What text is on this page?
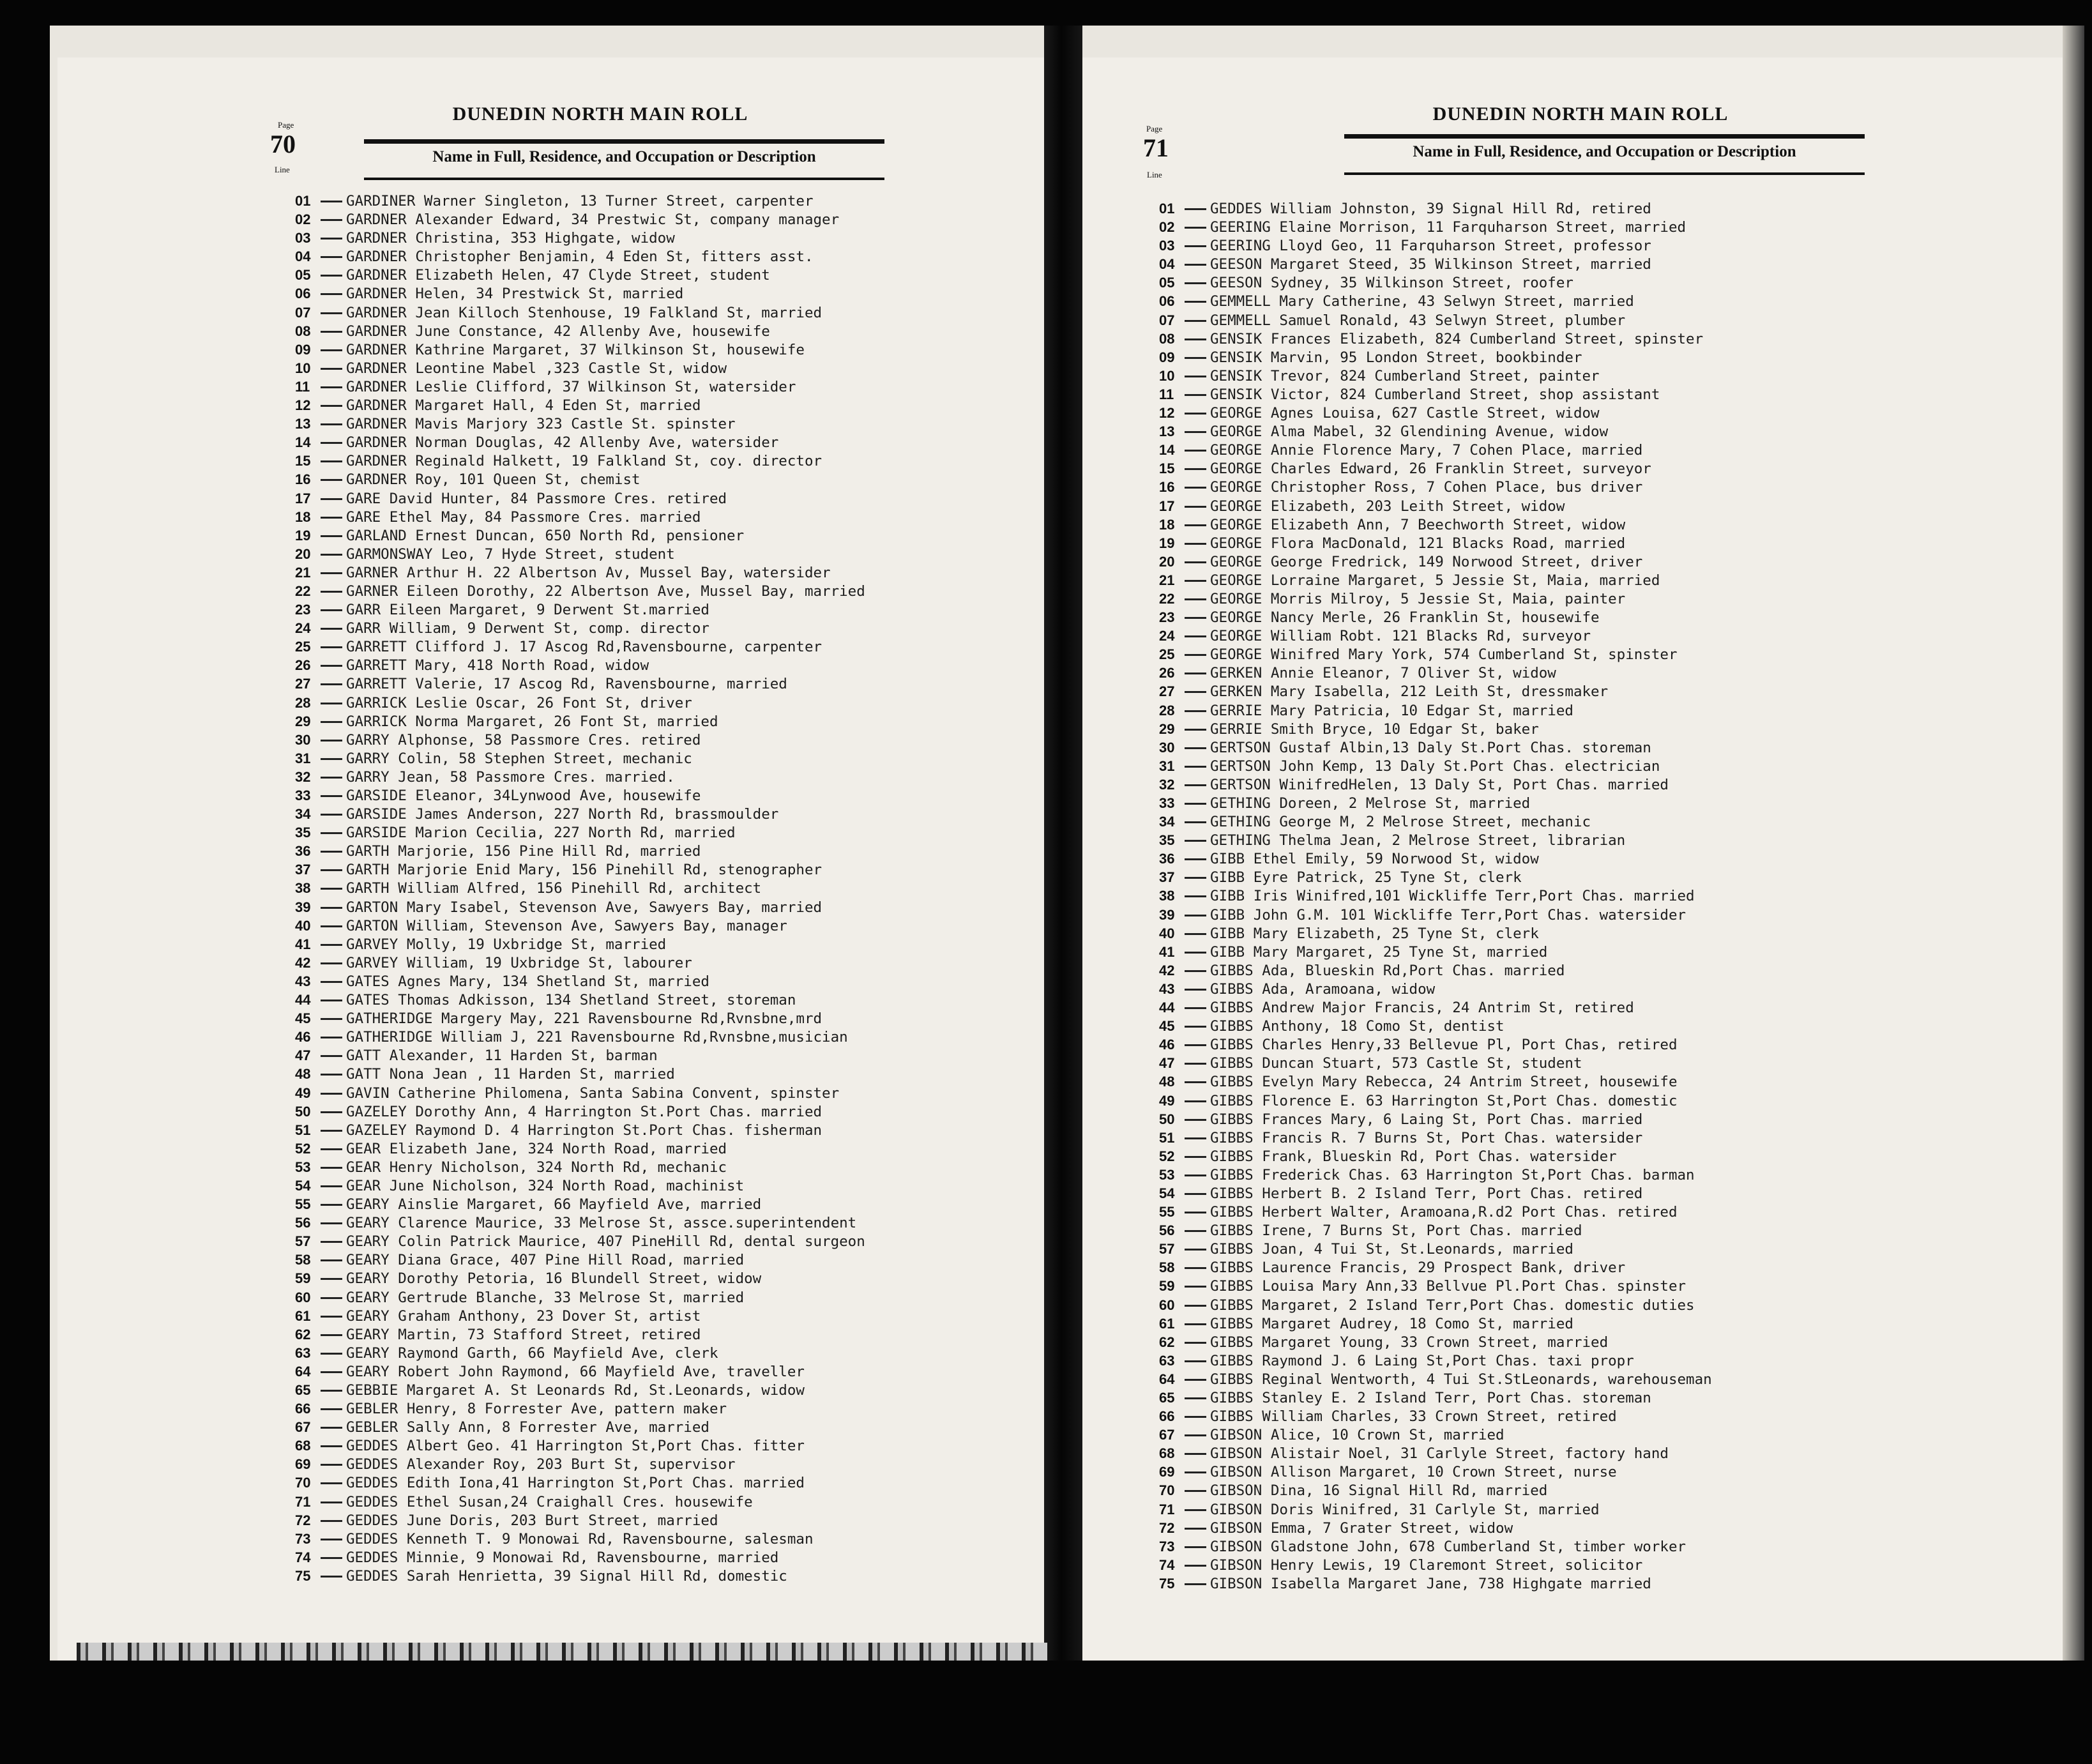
Page
70
Line
DUNEDIN NORTH MAIN ROLL
Name in Full, Residence, and Occupation or Description
01 GARDINER Warner Singleton, 13 Turner Street, carpenter
02 GARDNER Alexander Edward, 34 Prestwic St, company manager
03 GARDNER Christina, 353 Highgate, widow
04 GARDNER Christopher Benjamin, 4 Eden St, fitters asst.
05 GARDNER Elizabeth Helen, 47 Clyde Street, student
06 GARDNER Helen, 34 Prestwick St, married
07 GARDNER Jean Killoch Stenhouse, 19 Falkland St, married
08 GARDNER June Constance, 42 Allenby Ave, housewife
09 GARDNER Kathrine Margaret, 37 Wilkinson St, housewife
10 GARDNER Leontine Mabel ,323 Castle St, widow
11	GARDNER Leslie Clifford, 37 Wilkinson St, watersider
12 GARDNER Margaret Hall, 4 Eden St, married
13 GARDNER Mavis Marjory 323 Castle St. spinster
14 GARDNER Norman Douglas, 42 Allenby Ave, watersider
15 GARDNER Reginald Halkett, 19 Falkland St, coy. director
16 GARDNER Roy, 101 Queen St, chemist
17 GARE David Hunter, 84 Passmore Cres. retired
18 GARE Ethel May, 84 Passmore Cres. married
19 GARLAND Ernest Duncan, 650 North Rd, pensioner
20 GARMONSWAY Leo, 7 Hyde Street, student
21 GARNER Arthur H. 22 Albertson Av, Mussel Bay, watersider
22 GARNER Eileen Dorothy, 22 Albertson Ave, Mussel Bay, married
23 GARR Eileen Margaret, 9 Derwent St.married
24 GARR William, 9 Derwent St, comp. director
25 GARRETT Clifford J. 17 Ascog Rd,Ravensbourne, carpenter
26 GARRETT Mary, 418 North Road, widow
27 GARRETT Valerie, 17 Ascog Rd, Ravensbourne, married
28 GARRICK Leslie Oscar, 26 Font St, driver
29 GARRICK Norma Margaret, 26 Font St, married
30 GARRY Alphonse, 58 Passmore Cres. retired
31 GARRY Colin, 58 Stephen Street, mechanic
32 GARRY Jean, 58 Passmore Cres. married.
33 GARSIDE Eleanor, 34Lynwood Ave, housewife
34 GARSIDE James Anderson, 227 North Rd, brassmoulder
35 GARSIDE Marion Cecilia, 227 North Rd, married
36 GARTH Marjorie, 156 Pine Hill Rd, married
37 GARTH Marjorie Enid Mary, 156 Pinehill Rd, stenographer
38 GARTH William Alfred, 156 Pinehill Rd, architect
39 GARTON Mary Isabel, Stevenson Ave, Sawyers Bay, married
40 GARTON William, Stevenson Ave, Sawyers Bay, manager
41 GARVEY Molly, 19 Uxbridge St, married
42 GARVEY William, 19 Uxbridge St, labourer
43 GATES Agnes Mary, 134 Shetland St, married
44 GATES Thomas Adkisson, 134 Shetland Street, storeman
45 GATHERIDGE Margery May, 221 Ravensbourne Rd,Rvnsbne,mrd
46 GATHERIDGE William J, 221 Ravensbourne Rd,Rvnsbne,musician
47 GATT Alexander, 11 Harden St, barman
48 GATT Nona Jean , 11 Harden St, married
49 GAVIN Catherine Philomena, Santa Sabina Convent, spinster
50 GAZELEY Dorothy Ann, 4 Harrington St.Port Chas. married
51 GAZELEY Raymond D. 4 Harrington St.Port Chas. fisherman
52 GEAR Elizabeth Jane, 324 North Road, married
53 GEAR Henry Nicholson, 324 North Rd, mechanic
54 GEAR June Nicholson, 324 North Road, machinist
55 GEARY Ainslie Margaret, 66 Mayfield Ave, married
56 GEARY Clarence Maurice, 33 Melrose St, assce.superintendent
57 GEARY Colin Patrick Maurice, 407 PineHill Rd, dental surgeon
58 GEARY Diana Grace, 407 Pine Hill Road, married
59 GEARY Dorothy Petoria, 16 Blundell Street, widow
60 GEARY Gertrude Blanche, 33 Melrose St, married
61 GEARY Graham Anthony, 23 Dover St, artist
62 GEARY Martin, 73 Stafford Street, retired
63 GEARY Raymond Garth, 66 Mayfield Ave, clerk
64 GEARY Robert John Raymond, 66 Mayfield Ave, traveller
65 GEBBIE Margaret A. St Leonards Rd, St.Leonards, widow
66 GEBLER Henry, 8 Forrester Ave, pattern maker
67 GEBLER Sally Ann, 8 Forrester Ave, married
68 GEDDES Albert Geo. 41 Harrington St,Port Chas. fitter
69 GEDDES Alexander Roy, 203 Burt St, supervisor
70 GEDDES Edith Iona,41 Harrington St,Port Chas. married
71 GEDDES Ethel Susan,24 Craighall Cres. housewife
72 GEDDES June Doris, 203 Burt Street, married
73 GEDDES Kenneth T. 9 Monowai Rd, Ravensbourne, salesman
74 GEDDES Minnie, 9 Monowai Rd, Ravensbourne, married
75 GEDDES Sarah Henrietta, 39 Signal Hill Rd, domestic
Page
71
Line
DUNEDIN NORTH MAIN ROLL
Name in Full, Residence, and Occupation or Description
01 GEDDES William Johnston, 39 Signal Hill Rd, retired
02 GEERING Elaine Morrison, 11 Farquharson Street, married
03 GEERING Lloyd Geo, 11 Farquharson Street, professor
04 GEESON Margaret Steed, 35 Wilkinson Street, married
05 GEESON Sydney, 35 Wilkinson Street, roofer
06 GEMMELL Mary Catherine, 43 Selwyn Street, married
07 GEMMELL Samuel Ronald, 43 Selwyn Street, plumber
08 GENSIK Frances Elizabeth, 824 Cumberland Street, spinster
09 GENSIK Marvin, 95 London Street, bookbinder
10 GENSIK Trevor, 824 Cumberland Street, painter
11	GENSIK Victor, 824 Cumberland Street, shop assistant
12 GEORGE Agnes Louisa, 627 Castle Street, widow
13 GEORGE Alma Mabel, 32 Glendining Avenue, widow
14 GEORGE Annie Florence Mary, 7 Cohen Place, married
15 GEORGE Charles Edward, 26 Franklin Street, surveyor
16 GEORGE Christopher Ross, 7 Cohen Place, bus driver
17 GEORGE Elizabeth, 203 Leith Street, widow
18 GEORGE Elizabeth Ann, 7 Beechworth Street, widow
19 GEORGE Flora MacDonald, 121 Blacks Road, married
20 GEORGE George Fredrick, 149 Norwood Street, driver
21 GEORGE Lorraine Margaret, 5 Jessie St, Maia, married
22 GEORGE Morris Milroy, 5 Jessie St, Maia, painter
23 GEORGE Nancy Merle, 26 Franklin St, housewife
24 GEORGE William Robt. 121 Blacks Rd, surveyor
25 GEORGE Winifred Mary York, 574 Cumberland St, spinster
26 GERKEN Annie Eleanor, 7 Oliver St, widow
27 GERKEN Mary Isabella, 212 Leith St, dressmaker
28 GERRIE Mary Patricia, 10 Edgar St, married
29 GERRIE Smith Bryce, 10 Edgar St, baker
30 GERTSON Gustaf Albin,13 Daly St.Port Chas. storeman
31 GERTSON John Kemp, 13 Daly St.Port Chas. electrician
32 GERTSON WinifredHelen, 13 Daly St, Port Chas. married
33 GETHING Doreen, 2 Melrose St, married
34 GETHING George M, 2 Melrose Street, mechanic
35 GETHING Thelma Jean, 2 Melrose Street, librarian
36 GIBB Ethel Emily, 59 Norwood St, widow
37 GIBB Eyre Patrick, 25 Tyne St, clerk
38 GIBB Iris Winifred,101 Wickliffe Terr,Port Chas. married
39 GIBB John G.M. 101 Wickliffe Terr,Port Chas. watersider
40 GIBB Mary Elizabeth, 25 Tyne St, clerk
41 GIBB Mary Margaret, 25 Tyne St, married
42 GIBBS Ada, Blueskin Rd,Port Chas. married
43 GIBBS Ada, Aramoana, widow
44 GIBBS Andrew Major Francis, 24 Antrim St, retired
45 GIBBS Anthony, 18 Como St, dentist
46 GIBBS Charles Henry,33 Bellevue Pl, Port Chas, retired
47 GIBBS Duncan Stuart, 573 Castle St, student
48 GIBBS Evelyn Mary Rebecca, 24 Antrim Street, housewife
49 GIBBS Florence E. 63 Harrington St,Port Chas. domestic
50 GIBBS Frances Mary, 6 Laing St, Port Chas. married
51 GIBBS Francis R. 7 Burns St, Port Chas. watersider
52 GIBBS Frank, Blueskin Rd, Port Chas. watersider
53 GIBBS Frederick Chas. 63 Harrington St,Port Chas. barman
54 GIBBS Herbert B. 2 Island Terr, Port Chas. retired
55 GIBBS Herbert Walter, Aramoana,R.d2 Port Chas. retired
56 GIBBS Irene, 7 Burns St, Port Chas. married
57 GIBBS Joan, 4 Tui St, St.Leonards, married
58 GIBBS Laurence Francis, 29 Prospect Bank, driver
59 GIBBS Louisa Mary Ann,33 Bellvue Pl.Port Chas. spinster
60 GIBBS Margaret, 2 Island Terr,Port Chas. domestic duties
61 GIBBS Margaret Audrey, 18 Como St, married
62 GIBBS Margaret Young, 33 Crown Street, married
63 GIBBS Raymond J. 6 Laing St,Port Chas. taxi propr
64 GIBBS Reginal Wentworth, 4 Tui St.StLeonards, warehouseman
65 GIBBS Stanley E. 2 Island Terr, Port Chas. storeman
66 GIBBS William Charles, 33 Crown Street, retired
67 GIBSON Alice, 10 Crown St, married
68 GIBSON Alistair Noel, 31 Carlyle Street, factory hand
69 GIBSON Allison Margaret, 10 Crown Street, nurse
70 GIBSON Dina, 16 Signal Hill Rd, married
71 GIBSON Doris Winifred, 31 Carlyle St, married
72 GIBSON Emma, 7 Grater Street, widow
73 GIBSON Gladstone John, 678 Cumberland St, timber worker
74 GIBSON Henry Lewis, 19 Claremont Street, solicitor
75 GIBSON Isabella Margaret Jane, 738 Highgate married
